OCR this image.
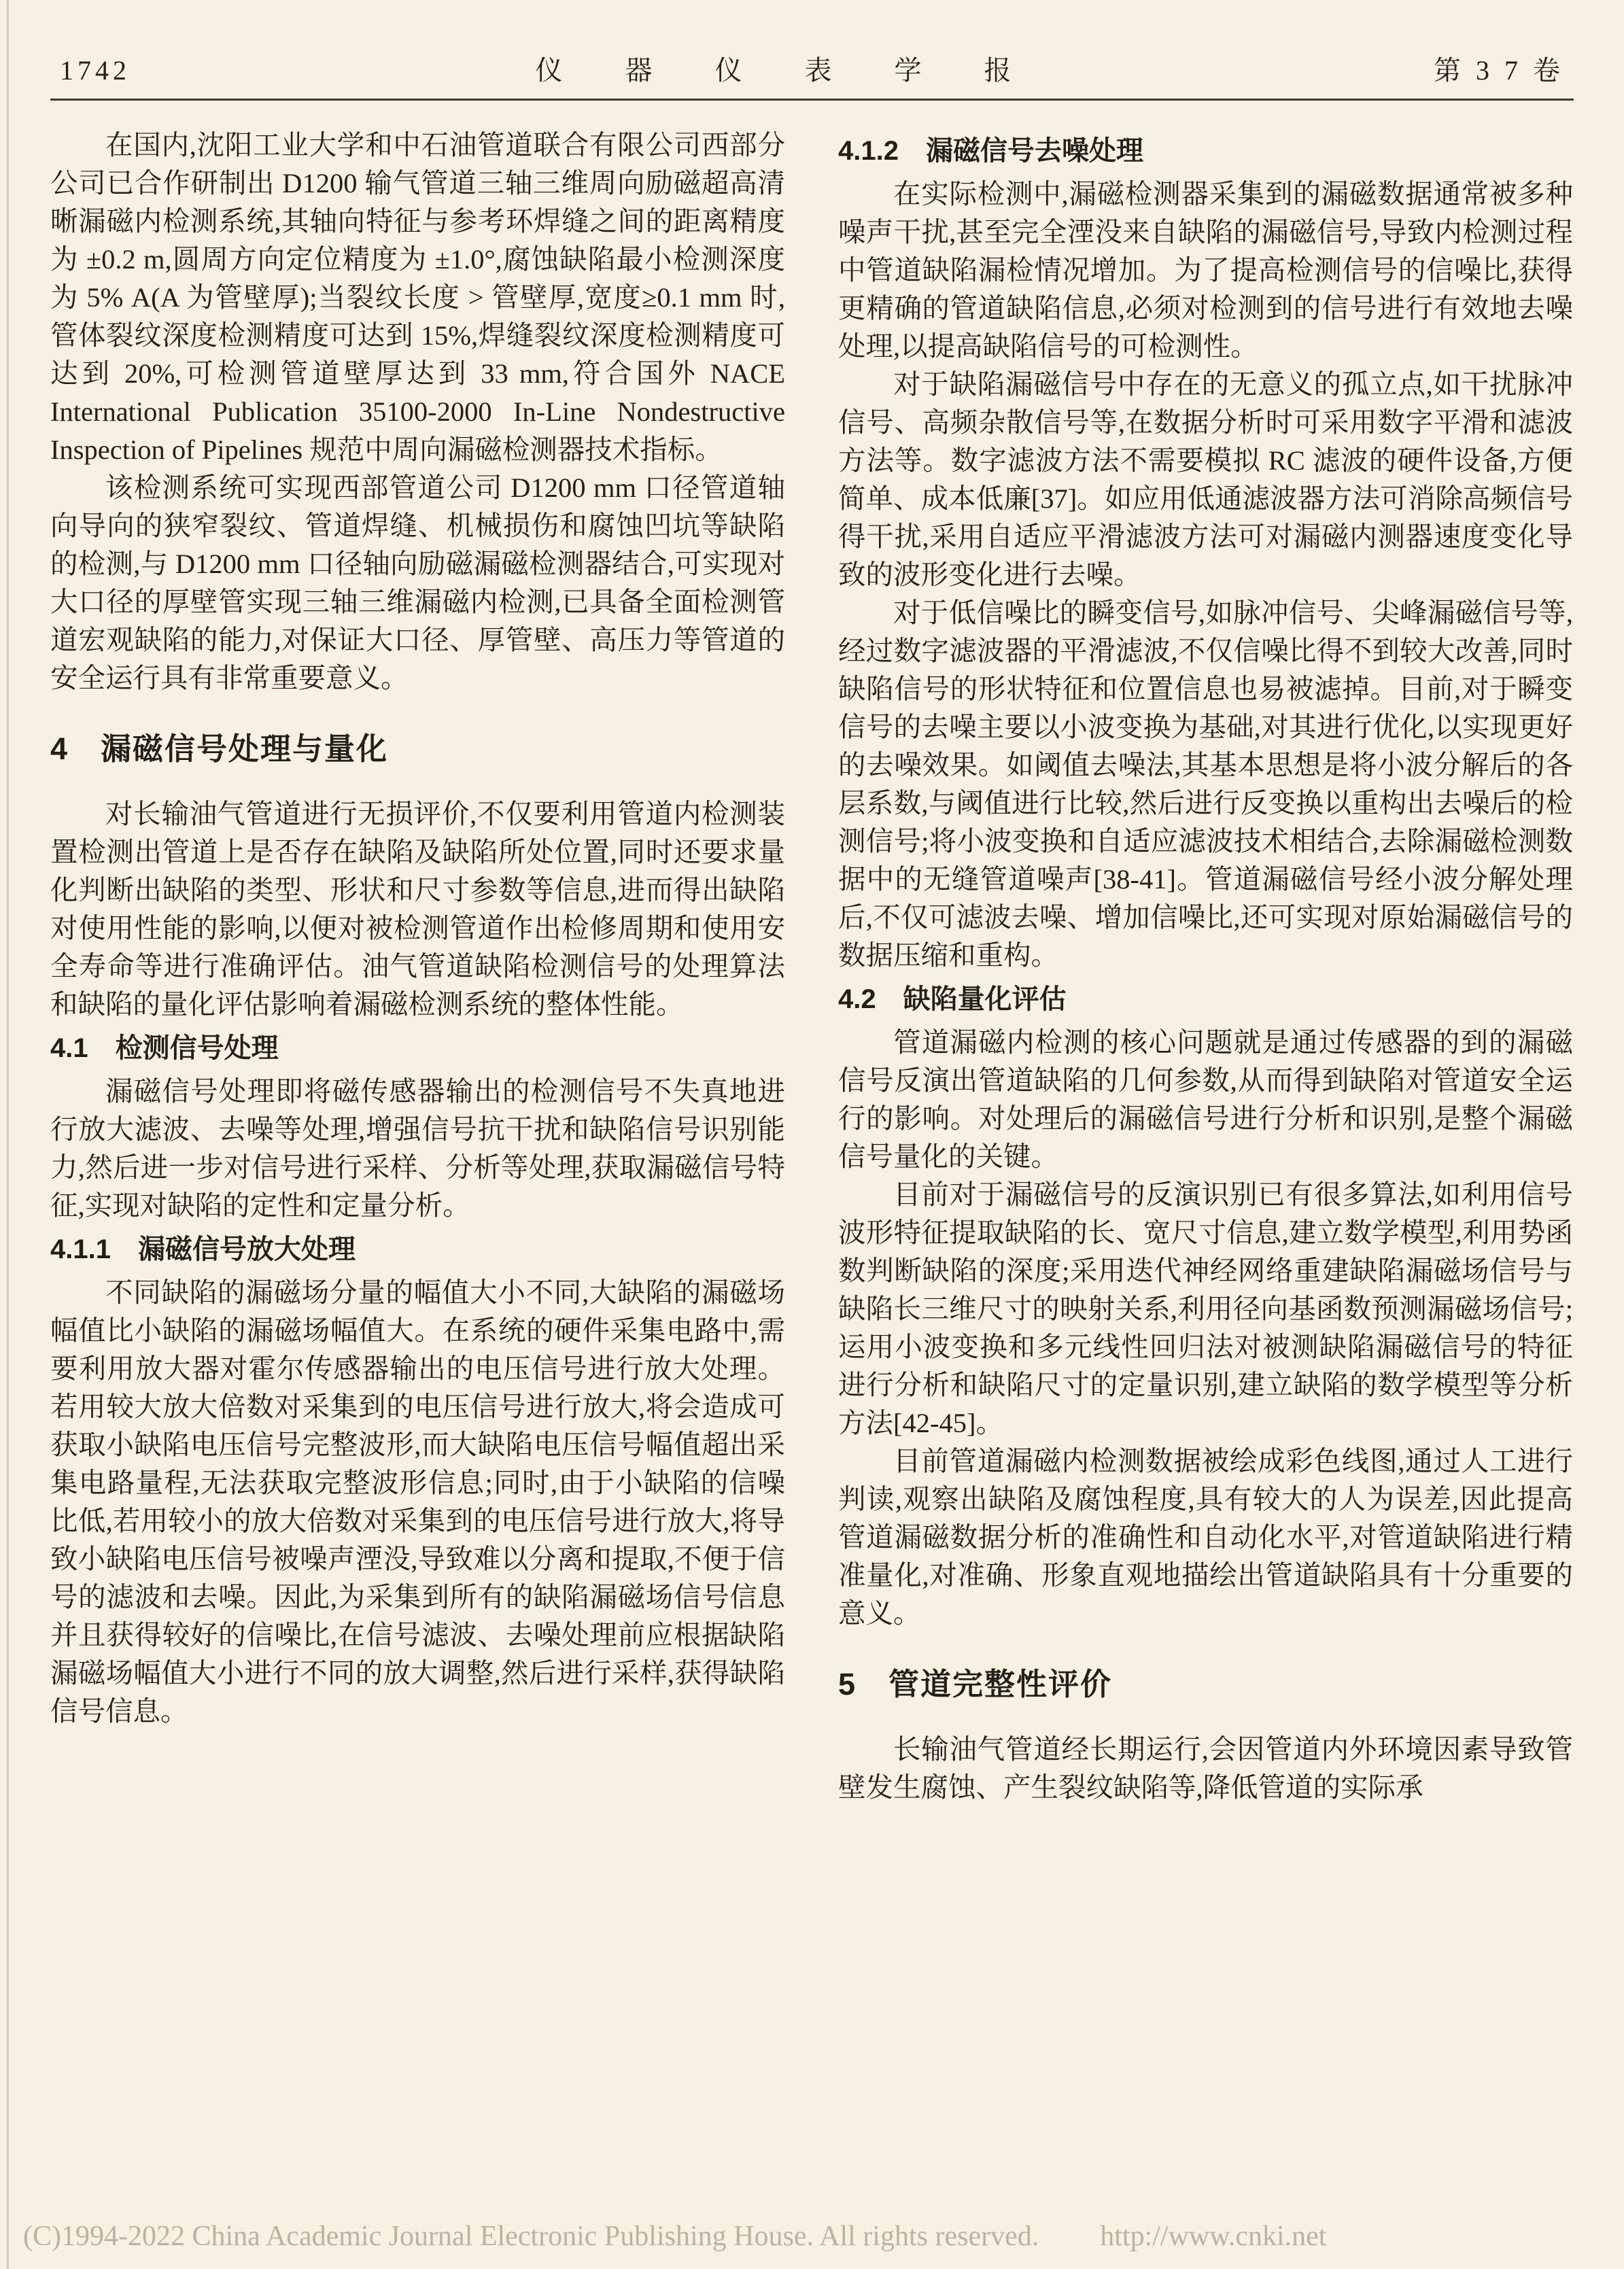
1742	仪　器　仪　表　学　报	第 3 7 卷

在国内,沈阳工业大学和中石油管道联合有限公司西部分公司已合作研制出 D1200 输气管道三轴三维周向励磁超高清晰漏磁内检测系统,其轴向特征与参考环焊缝之间的距离精度为 ±0.2 m,圆周方向定位精度为 ±1.0°,腐蚀缺陷最小检测深度为 5% A(A 为管壁厚);当裂纹长度 > 管壁厚,宽度≥0.1 mm 时,管体裂纹深度检测精度可达到 15%,焊缝裂纹深度检测精度可达到 20%,可检测管道壁厚达到 33 mm,符合国外 NACE International Publication 35100-2000 In-Line Nondestructive Inspection of Pipelines 规范中周向漏磁检测器技术指标。

该检测系统可实现西部管道公司 D1200 mm 口径管道轴向导向的狭窄裂纹、管道焊缝、机械损伤和腐蚀凹坑等缺陷的检测,与 D1200 mm 口径轴向励磁漏磁检测器结合,可实现对大口径的厚壁管实现三轴三维漏磁内检测,已具备全面检测管道宏观缺陷的能力,对保证大口径、厚管壁、高压力等管道的安全运行具有非常重要意义。

4　漏磁信号处理与量化

对长输油气管道进行无损评价,不仅要利用管道内检测装置检测出管道上是否存在缺陷及缺陷所处位置,同时还要求量化判断出缺陷的类型、形状和尺寸参数等信息,进而得出缺陷对使用性能的影响,以便对被检测管道作出检修周期和使用安全寿命等进行准确评估。油气管道缺陷检测信号的处理算法和缺陷的量化评估影响着漏磁检测系统的整体性能。

4.1　检测信号处理

漏磁信号处理即将磁传感器输出的检测信号不失真地进行放大滤波、去噪等处理,增强信号抗干扰和缺陷信号识别能力,然后进一步对信号进行采样、分析等处理,获取漏磁信号特征,实现对缺陷的定性和定量分析。

4.1.1　漏磁信号放大处理

不同缺陷的漏磁场分量的幅值大小不同,大缺陷的漏磁场幅值比小缺陷的漏磁场幅值大。在系统的硬件采集电路中,需要利用放大器对霍尔传感器输出的电压信号进行放大处理。若用较大放大倍数对采集到的电压信号进行放大,将会造成可获取小缺陷电压信号完整波形,而大缺陷电压信号幅值超出采集电路量程,无法获取完整波形信息;同时,由于小缺陷的信噪比低,若用较小的放大倍数对采集到的电压信号进行放大,将导致小缺陷电压信号被噪声湮没,导致难以分离和提取,不便于信号的滤波和去噪。因此,为采集到所有的缺陷漏磁场信号信息并且获得较好的信噪比,在信号滤波、去噪处理前应根据缺陷漏磁场幅值大小进行不同的放大调整,然后进行采样,获得缺陷信号信息。

4.1.2　漏磁信号去噪处理

在实际检测中,漏磁检测器采集到的漏磁数据通常被多种噪声干扰,甚至完全湮没来自缺陷的漏磁信号,导致内检测过程中管道缺陷漏检情况增加。为了提高检测信号的信噪比,获得更精确的管道缺陷信息,必须对检测到的信号进行有效地去噪处理,以提高缺陷信号的可检测性。

对于缺陷漏磁信号中存在的无意义的孤立点,如干扰脉冲信号、高频杂散信号等,在数据分析时可采用数字平滑和滤波方法等。数字滤波方法不需要模拟 RC 滤波的硬件设备,方便简单、成本低廉[37]。如应用低通滤波器方法可消除高频信号得干扰,采用自适应平滑滤波方法可对漏磁内测器速度变化导致的波形变化进行去噪。

对于低信噪比的瞬变信号,如脉冲信号、尖峰漏磁信号等,经过数字滤波器的平滑滤波,不仅信噪比得不到较大改善,同时缺陷信号的形状特征和位置信息也易被滤掉。目前,对于瞬变信号的去噪主要以小波变换为基础,对其进行优化,以实现更好的去噪效果。如阈值去噪法,其基本思想是将小波分解后的各层系数,与阈值进行比较,然后进行反变换以重构出去噪后的检测信号;将小波变换和自适应滤波技术相结合,去除漏磁检测数据中的无缝管道噪声[38-41]。管道漏磁信号经小波分解处理后,不仅可滤波去噪、增加信噪比,还可实现对原始漏磁信号的数据压缩和重构。

4.2　缺陷量化评估

管道漏磁内检测的核心问题就是通过传感器的到的漏磁信号反演出管道缺陷的几何参数,从而得到缺陷对管道安全运行的影响。对处理后的漏磁信号进行分析和识别,是整个漏磁信号量化的关键。

目前对于漏磁信号的反演识别已有很多算法,如利用信号波形特征提取缺陷的长、宽尺寸信息,建立数学模型,利用势函数判断缺陷的深度;采用迭代神经网络重建缺陷漏磁场信号与缺陷长三维尺寸的映射关系,利用径向基函数预测漏磁场信号;运用小波变换和多元线性回归法对被测缺陷漏磁信号的特征进行分析和缺陷尺寸的定量识别,建立缺陷的数学模型等分析方法[42-45]。

目前管道漏磁内检测数据被绘成彩色线图,通过人工进行判读,观察出缺陷及腐蚀程度,具有较大的人为误差,因此提高管道漏磁数据分析的准确性和自动化水平,对管道缺陷进行精准量化,对准确、形象直观地描绘出管道缺陷具有十分重要的意义。

5　管道完整性评价

长输油气管道经长期运行,会因管道内外环境因素导致管壁发生腐蚀、产生裂纹缺陷等,降低管道的实际承

(C)1994-2022 China Academic Journal Electronic Publishing House. All rights reserved. http://www.cnki.net
